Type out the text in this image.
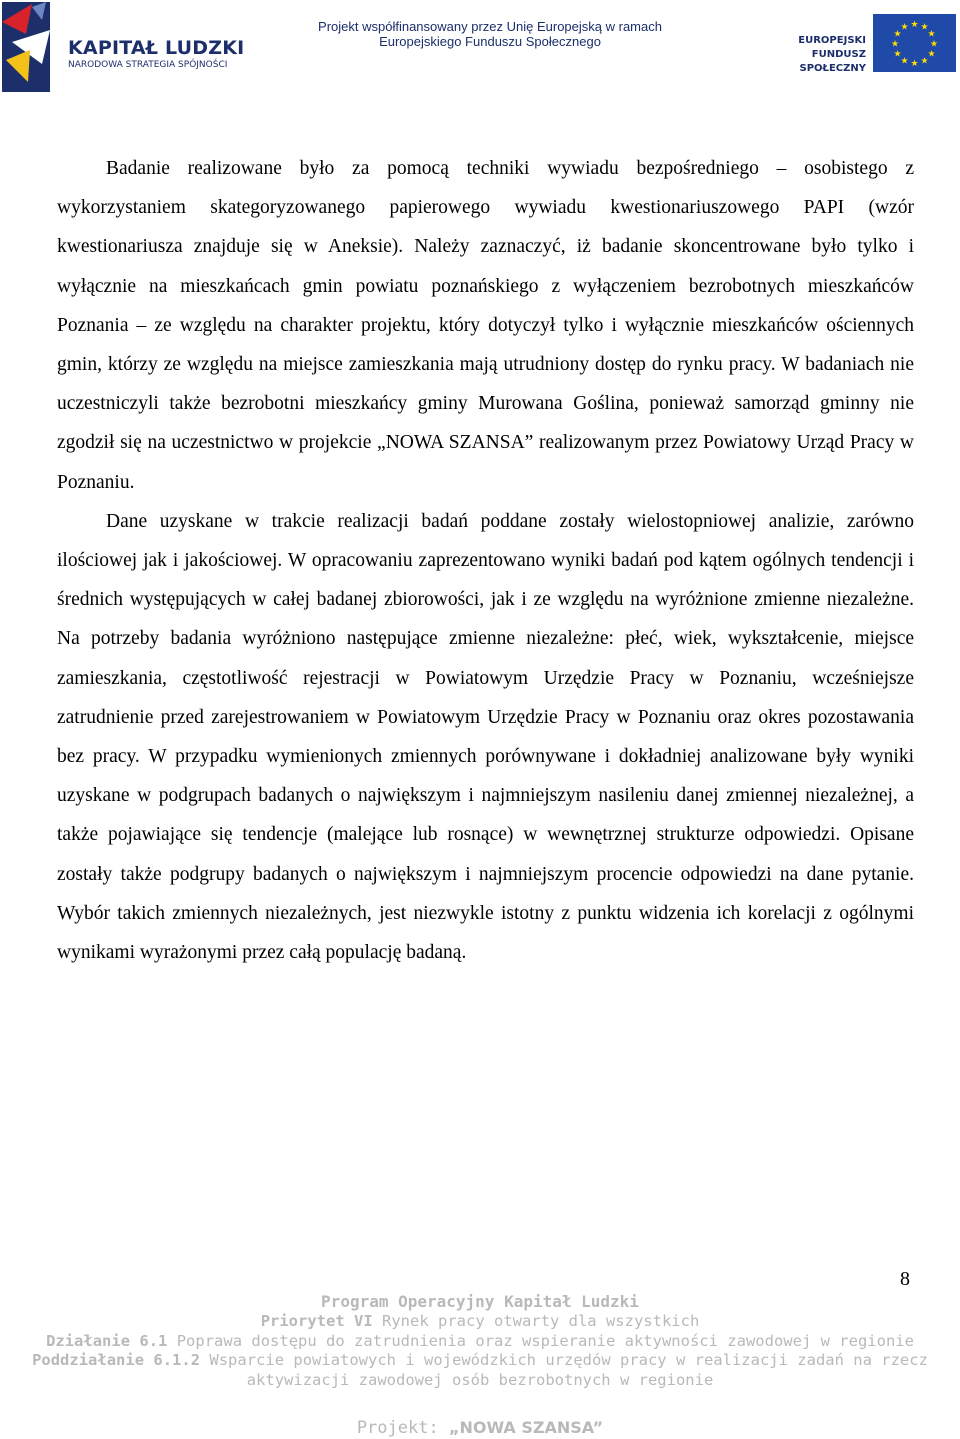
KAPITAŁ LUDZKI
NARODOWA STRATEGIA SPÓJNOŚCI
Projekt współfinansowany przez Unię Europejską w ramach
Europejskiego Funduszu Społecznego	EUROPEJSKI
FUNDUSZ SPOŁECZNY
★ ★
★
★
★
★
★
★
★
★
★
★

Badanie realizowane było za pomocą techniki wywiadu bezpośredniego – osobistego z wykorzystaniem skategoryzowanego papierowego wywiadu kwestionariuszowego PAPI (wzór kwestionariusza znajduje się w Aneksie). Należy zaznaczyć, iż badanie skoncentrowane było tylko i wyłącznie na mieszkańcach gmin powiatu poznańskiego z wyłączeniem bezrobotnych mieszkańców Poznania – ze względu na charakter projektu, który dotyczył tylko i wyłącznie mieszkańców ościennych gmin, którzy ze względu na miejsce zamieszkania mają utrudniony dostęp do rynku pracy. W badaniach nie uczestniczyli także bezrobotni mieszkańcy gminy Murowana Goślina, ponieważ samorząd gminny nie zgodził się na uczestnictwo w projekcie „NOWA SZANSA” realizowanym przez Powiatowy Urząd Pracy w Poznaniu.

Dane uzyskane w trakcie realizacji badań poddane zostały wielostopniowej analizie, zarówno ilościowej jak i jakościowej. W opracowaniu zaprezentowano wyniki badań pod kątem ogólnych tendencji i średnich występujących w całej badanej zbiorowości, jak i ze względu na wyróżnione zmienne niezależne. Na potrzeby badania wyróżniono następujące zmienne niezależne: płeć, wiek, wykształcenie, miejsce zamieszkania, częstotliwość rejestracji w Powiatowym Urzędzie Pracy w Poznaniu, wcześniejsze zatrudnienie przed zarejestrowaniem w Powiatowym Urzędzie Pracy w Poznaniu oraz okres pozostawania bez pracy. W przypadku wymienionych zmiennych porównywane i dokładniej analizowane były wyniki uzyskane w podgrupach badanych o największym i najmniejszym nasileniu danej zmiennej niezależnej, a także pojawiające się tendencje (malejące lub rosnące) w wewnętrznej strukturze odpowiedzi. Opisane zostały także podgrupy badanych o największym i najmniejszym procencie odpowiedzi na dane pytanie. Wybór takich zmiennych niezależnych, jest niezwykle istotny z punktu widzenia ich korelacji z ogólnymi wynikami wyrażonymi przez całą populację badaną.

8
Program Operacyjny Kapitał Ludzki
Priorytet VI Rynek pracy otwarty dla wszystkich
Działanie 6.1 Poprawa dostępu do zatrudnienia oraz wspieranie aktywności zawodowej w regionie
Poddziałanie 6.1.2 Wsparcie powiatowych i wojewódzkich urzędów pracy w realizacji zadań na rzecz
aktywizacji zawodowej osób bezrobotnych w regionie
Projekt: „NOWA SZANSA”
